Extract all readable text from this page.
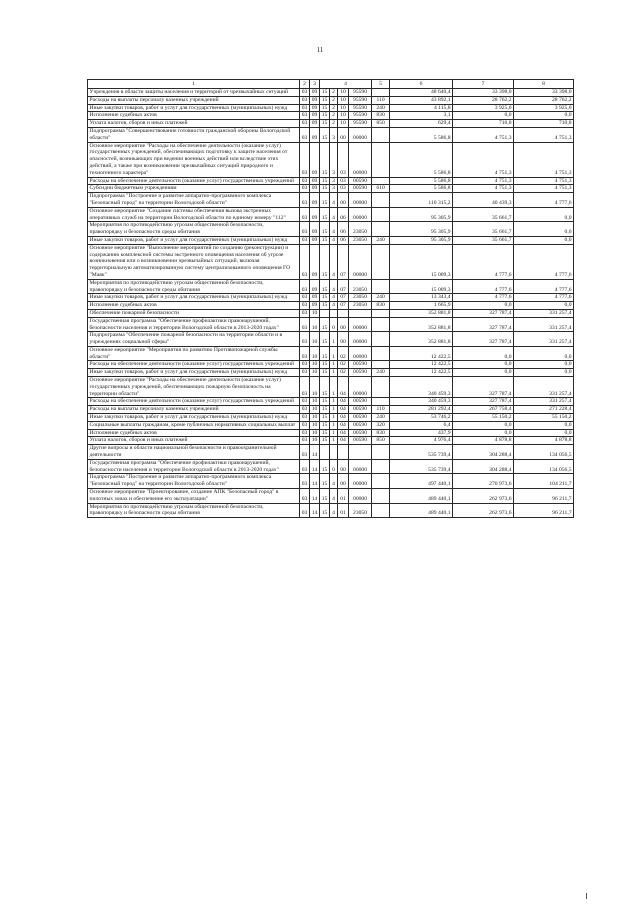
11
1	2	3	4				5	6	7	8
Учреждения в области защиты населения и территорий от чрезвычайных ситуаций	03	09	15	2	10	95590		48 640,4	33 398,0	33 398,0
Расходы на выплаты персоналу казенных учреждений	03	09	15	2	10	95590	110	43 892,1	28 762,2	28 762,2
Иные закупки товаров, работ и услуг для государственных (муниципальных) нужд	03	09	15	2	10	95590	240	4 115,8	3 925,0	3 925,0
Исполнение судебных актов	03	09	15	2	10	95590	830	3,1	0,0	0,0
Уплата налогов, сборов и иных платежей	03	09	15	2	10	95590	850	629,4	710,8	710,8
Подпрограмма "Совершенствование готовности гражданской обороны Вологодской области"	03	09	15	3	00	00000		5 586,8	4 751,3	4 751,3
Основное мероприятие "Расходы на обеспечение деятельности (оказание услуг) государственных учреждений, обеспечивающих подготовку к защите населения от опасностей, возникающих при ведении военных действий или вследствие этих действий, а также при возникновении чрезвычайных ситуаций природного и техногенного характера"	03	09	15	3	03	00000		5 586,8	4 751,3	4 751,3
Расходы на обеспечение деятельности (оказание услуг) государственных учреждений	03	09	15	3	03	00590		5 586,8	4 751,3	4 751,3
Субсидии бюджетным учреждениям	03	09	15	3	03	00590	610	5 586,8	4 751,3	4 751,3
Подпрограмма "Построение и развитие аппаратно-программного комплекса "Безопасный город" на территории Вологодской области"	03	09	15	4	00	00000		110 315,2	40 439,3	4 777,6
Основное мероприятие "Создание системы обеспечения вызова экстренных оперативных служб на территории Вологодской области по единому номеру "112"	03	09	15	4	06	00000		95 305,9	35 661,7	0,0
Мероприятия по противодействию угрозам общественной безопасности, правопорядку и безопасности среды обитания	03	09	15	4	06	23050		95 305,9	35 661,7	0,0
Иные закупки товаров, работ и услуг для государственных (муниципальных) нужд	03	09	15	4	06	23050	240	95 305,9	35 661,7	0,0
Основное мероприятие "Выполнение мероприятий по созданию (реконструкции) и содержанию комплексной системы экстренного оповещения населения об угрозе возникновения или о возникновении чрезвычайных ситуаций, включая территориальную автоматизированную систему централизованного оповещения ГО "Маяк"	03	09	15	4	07	00000		15 009,3	4 777,6	4 777,6
Мероприятия по противодействию угрозам общественной безопасности, правопорядку и безопасности среды обитания	03	09	15	4	07	23050		15 009,3	4 777,6	4 777,6
Иные закупки товаров, работ и услуг для государственных (муниципальных) нужд	03	09	15	4	07	23050	240	13 343,4	4 777,6	4 777,6
Исполнение судебных актов	03	09	15	4	07	23050	830	1 665,9	0,0	0,0
Обеспечение пожарной безопасности	03	10						352 881,8	327 787,4	331 257,4
Государственная программа "Обеспечение профилактики правонарушений, безопасности населения и территории Вологодской области в 2013-2020 годах"	03	10	15	0	00	00000		352 881,8	327 787,4	331 257,4
Подпрограмма "Обеспечение пожарной безопасности на территории области и в учреждениях социальной сферы"	03	10	15	1	00	00000		352 881,8	327 787,4	331 257,4
Основное мероприятие "Мероприятия по развитию Противопожарной службы области"	03	10	15	1	02	00000		12 422,5	0,0	0,0
Расходы на обеспечение деятельности (оказание услуг) государственных учреждений	03	10	15	1	02	00590		12 422,5	0,0	0,0
Иные закупки товаров, работ и услуг для государственных (муниципальных) нужд	03	10	15	1	02	00590	240	12 422,5	0,0	0,0
Основное мероприятие "Расходы на обеспечение деятельности (оказание услуг) государственных учреждений, обеспечивающих пожарную безопасность на территории области"	03	10	15	1	04	00000		340 459,3	327 787,4	331 257,4
Расходы на обеспечение деятельности (оказание услуг) государственных учреждений	03	10	15	1	04	00590		340 459,3	327 787,4	331 257,4
Расходы на выплаты персоналу казенных учреждений	03	10	15	1	04	00590	110	281 292,4	267 758,4	271 228,4
Иные закупки товаров, работ и услуг для государственных (муниципальных) нужд	03	10	15	1	04	00590	240	53 746,2	55 150,2	55 150,2
Социальные выплаты гражданам, кроме публичных нормативных социальных выплат	03	10	15	1	04	00590	320	6,4	0,0	0,0
Исполнение судебных актов	03	10	15	1	04	00590	830	437,9	0,0	0,0
Уплата налогов, сборов и иных платежей	03	10	15	1	04	00590	850	4 976,4	4 878,8	4 878,8
Другие вопросы в области национальной безопасности и правоохранительной деятельности	03	14						535 739,4	304 288,4	134 056,5
Государственная программа "Обеспечение профилактики правонарушений, безопасности населения и территории Вологодской области в 2013-2020 годах"	03	14	15	0	00	00000		535 739,4	304 288,4	134 056,5
Подпрограмма "Построение и развитие аппаратно-программного комплекса "Безопасный город" на территории Вологодской области"	03	14	15	4	00	00000		497 440,1	270 973,6	104 211,7
Основное мероприятие "Проектирование, создание АПК "Безопасный город" в пилотных зонах и обеспечение его эксплуатации"	03	14	15	4	01	00000		489 440,1	262 973,6	96 211,7
Мероприятия по противодействию угрозам общественной безопасности, правопорядку и безопасности среды обитания	03	14	15	4	01	23050		489 440,1	262 973,6	96 211,7
